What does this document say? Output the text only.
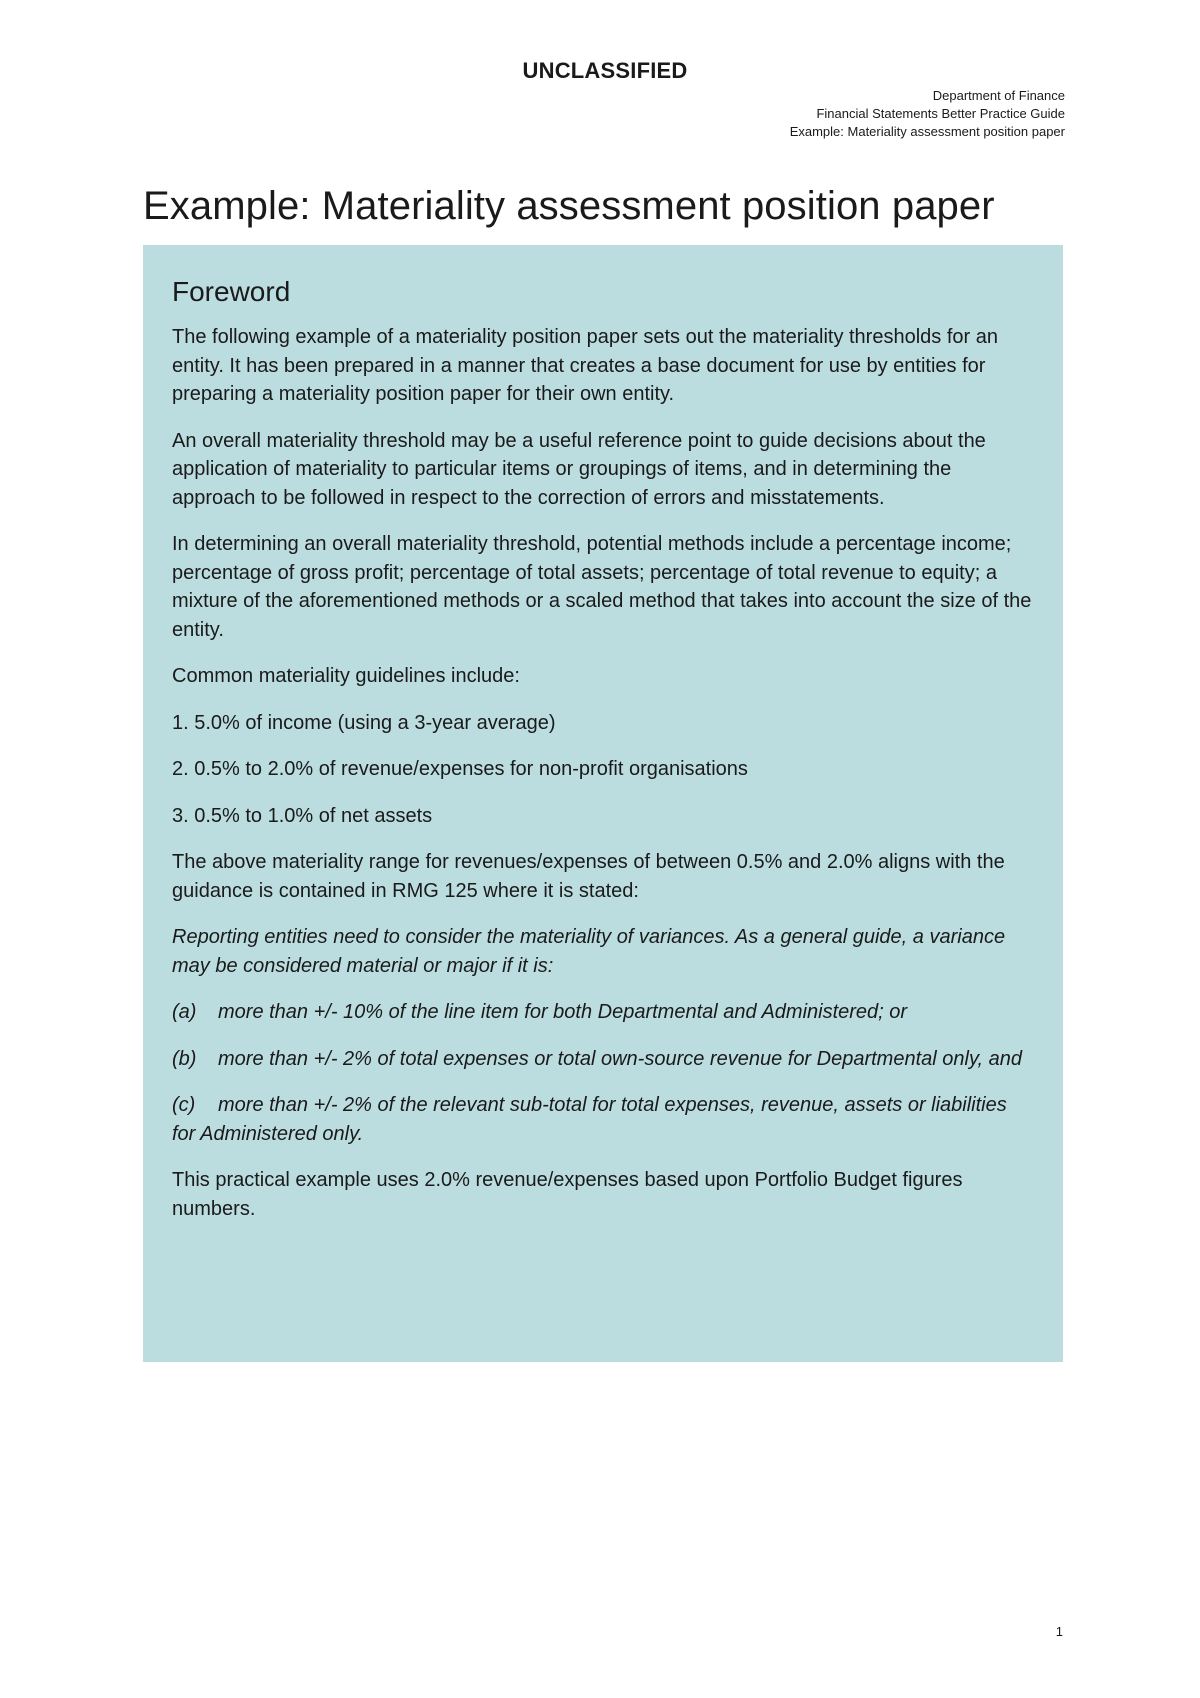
UNCLASSIFIED
Department of Finance
Financial Statements Better Practice Guide
Example: Materiality assessment position paper
Example: Materiality assessment position paper
Foreword

The following example of a materiality position paper sets out the materiality thresholds for an entity. It has been prepared in a manner that creates a base document for use by entities for preparing a materiality position paper for their own entity.

An overall materiality threshold may be a useful reference point to guide decisions about the application of materiality to particular items or groupings of items, and in determining the approach to be followed in respect to the correction of errors and misstatements.

In determining an overall materiality threshold, potential methods include a percentage income; percentage of gross profit; percentage of total assets; percentage of total revenue to equity; a mixture of the aforementioned methods or a scaled method that takes into account the size of the entity.

Common materiality guidelines include:

1. 5.0% of income (using a 3-year average)

2. 0.5% to 2.0% of revenue/expenses for non-profit organisations

3. 0.5% to 1.0% of net assets

The above materiality range for revenues/expenses of between 0.5% and 2.0% aligns with the guidance is contained in RMG 125 where it is stated:

Reporting entities need to consider the materiality of variances. As a general guide, a variance may be considered material or major if it is:

(a) more than +/- 10% of the line item for both Departmental and Administered; or

(b) more than +/- 2% of total expenses or total own-source revenue for Departmental only, and

(c) more than +/- 2% of the relevant sub-total for total expenses, revenue, assets or liabilities for Administered only.

This practical example uses 2.0% revenue/expenses based upon Portfolio Budget figures numbers.

1
